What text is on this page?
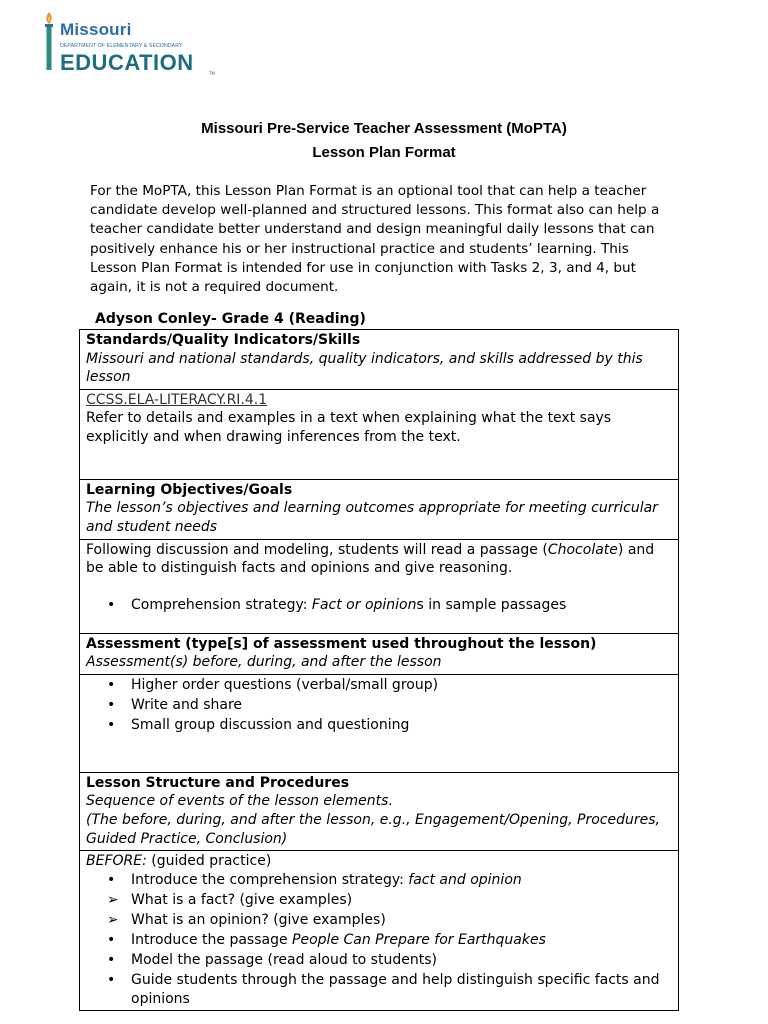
Missouri
DEPARTMENT OF ELEMENTARY & SECONDARY
EDUCATION	TM
Missouri Pre-Service Teacher Assessment (MoPTA)
Lesson Plan Format
For the MoPTA, this Lesson Plan Format is an optional tool that can help a teacher
candidate develop well-planned and structured lessons. This format also can help a
teacher candidate better understand and design meaningful daily lessons that can
positively enhance his or her instructional practice and students’ learning. This
Lesson Plan Format is intended for use in conjunction with Tasks 2, 3, and 4, but
again, it is not a required document.
Adyson Conley- Grade 4 (Reading)
Standards/Quality Indicators/Skills
Missouri and national standards, quality indicators, and skills addressed by this lesson

CCSS.ELA-LITERACY.RI.4.1
Refer to details and examples in a text when explaining what the text says explicitly and when drawing inferences from the text.

Learning Objectives/Goals
The lesson’s objectives and learning outcomes appropriate for meeting curricular and student needs

Following discussion and modeling, students will read a passage (Chocolate) and be able to distinguish facts and opinions and give reasoning.
• Comprehension strategy: Fact or opinions in sample passages

Assessment (type[s] of assessment used throughout the lesson)
Assessment(s) before, during, and after the lesson

• Higher order questions (verbal/small group)
• Write and share
• Small group discussion and questioning

Lesson Structure and Procedures
Sequence of events of the lesson elements.
(The before, during, and after the lesson, e.g., Engagement/Opening, Procedures, Guided Practice, Conclusion)

BEFORE: (guided practice)
• Introduce the comprehension strategy: fact and opinion
➢ What is a fact? (give examples)
➢ What is an opinion? (give examples)
• Introduce the passage People Can Prepare for Earthquakes
• Model the passage (read aloud to students)
• Guide students through the passage and help distinguish specific facts and opinions
